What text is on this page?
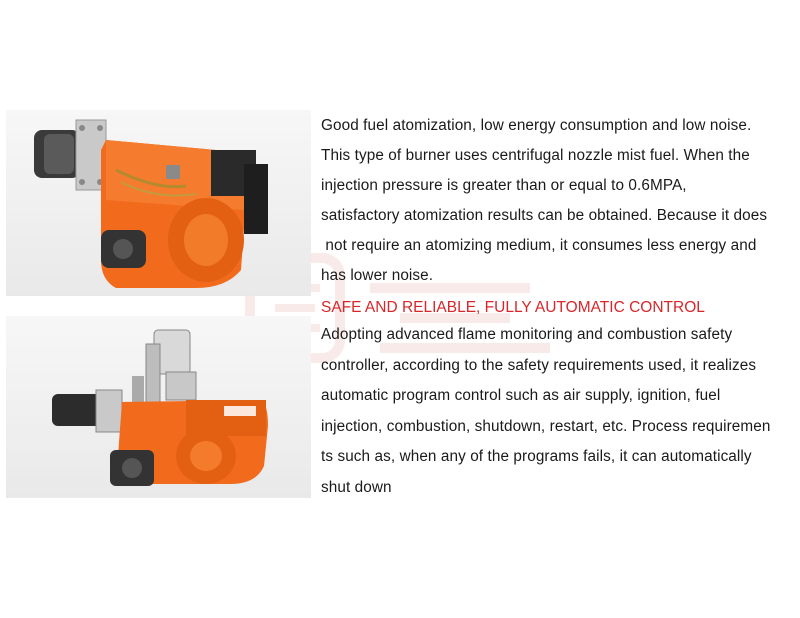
Good fuel atomization, low energy consumption and low noise.
This type of burner uses centrifugal nozzle mist fuel. When the
injection pressure is greater than or equal to 0.6MPA,
satisfactory atomization results can be obtained. Because it does
not require an atomizing medium, it consumes less energy and
has lower noise.
SAFE AND RELIABLE, FULLY AUTOMATIC CONTROL
Adopting advanced flame monitoring and combustion safety
controller, according to the safety requirements used, it realizes
automatic program control such as air supply, ignition, fuel
injection, combustion, shutdown, restart, etc. Process requiremen
ts such as, when any of the programs fails, it can automatically
shut down
